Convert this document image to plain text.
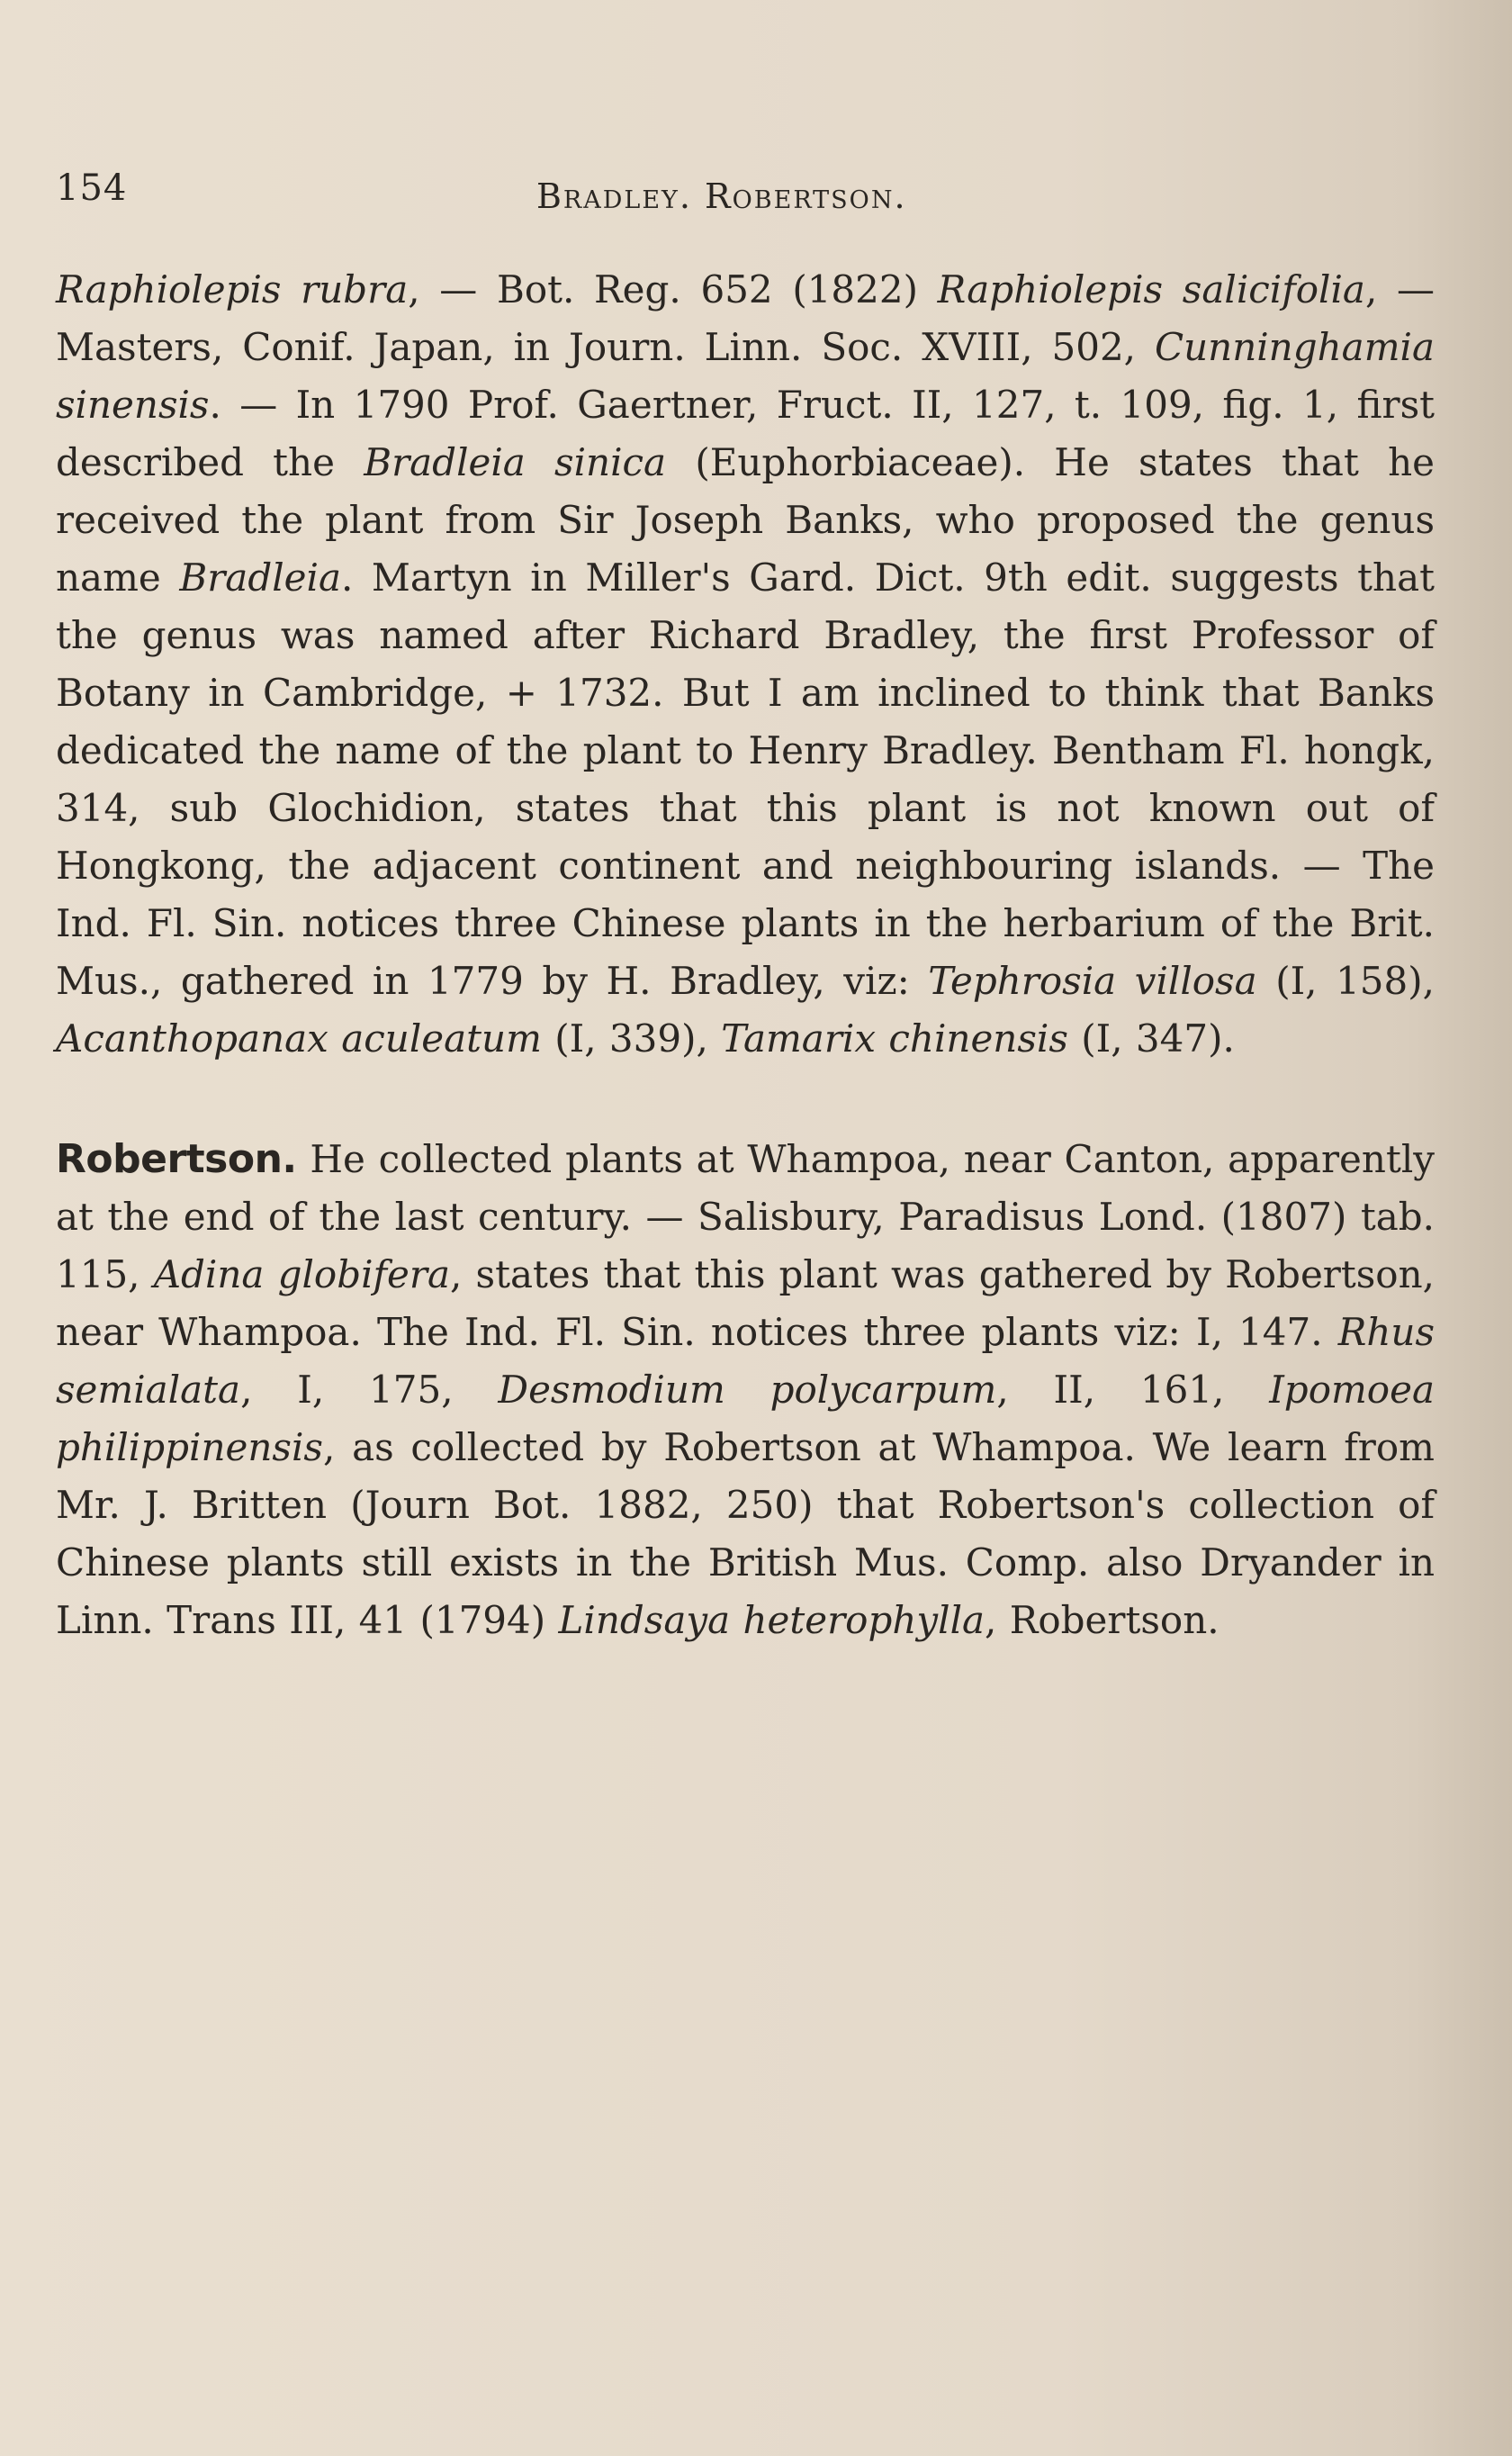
154	Bradley. Robertson.

Raphiolepis rubra, — Bot. Reg. 652 (1822) Raphiolepis salicifolia, — Masters, Conif. Japan, in Journ. Linn. Soc. XVIII, 502, Cunninghamia sinensis. — In 1790 Prof. Gaertner, Fruct. II, 127, t. 109, fig. 1, first described the Bradleia sinica (Euphorbiaceae). He states that he received the plant from Sir Joseph Banks, who proposed the genus name Bradleia. Martyn in Miller's Gard. Dict. 9th edit. suggests that the genus was named after Richard Bradley, the first Professor of Botany in Cambridge, + 1732. But I am inclined to think that Banks dedicated the name of the plant to Henry Bradley. Bentham Fl. hongk, 314, sub Glochidion, states that this plant is not known out of Hongkong, the adjacent continent and neighbouring islands. — The Ind. Fl. Sin. notices three Chinese plants in the herbarium of the Brit. Mus., gathered in 1779 by H. Bradley, viz: Tephrosia villosa (I, 158), Acanthopanax aculeatum (I, 339), Tamarix chinensis (I, 347).

Robertson. He collected plants at Whampoa, near Canton, apparently at the end of the last century. — Salisbury, Paradisus Lond. (1807) tab. 115, Adina globifera, states that this plant was gathered by Robertson, near Whampoa. The Ind. Fl. Sin. notices three plants viz: I, 147. Rhus semialata, I, 175, Desmodium polycarpum, II, 161, Ipomoea philippinensis, as collected by Robertson at Whampoa. We learn from Mr. J. Britten (Journ Bot. 1882, 250) that Robertson's collection of Chinese plants still exists in the British Mus. Comp. also Dryander in Linn. Trans III, 41 (1794) Lindsaya heterophylla, Robertson.
